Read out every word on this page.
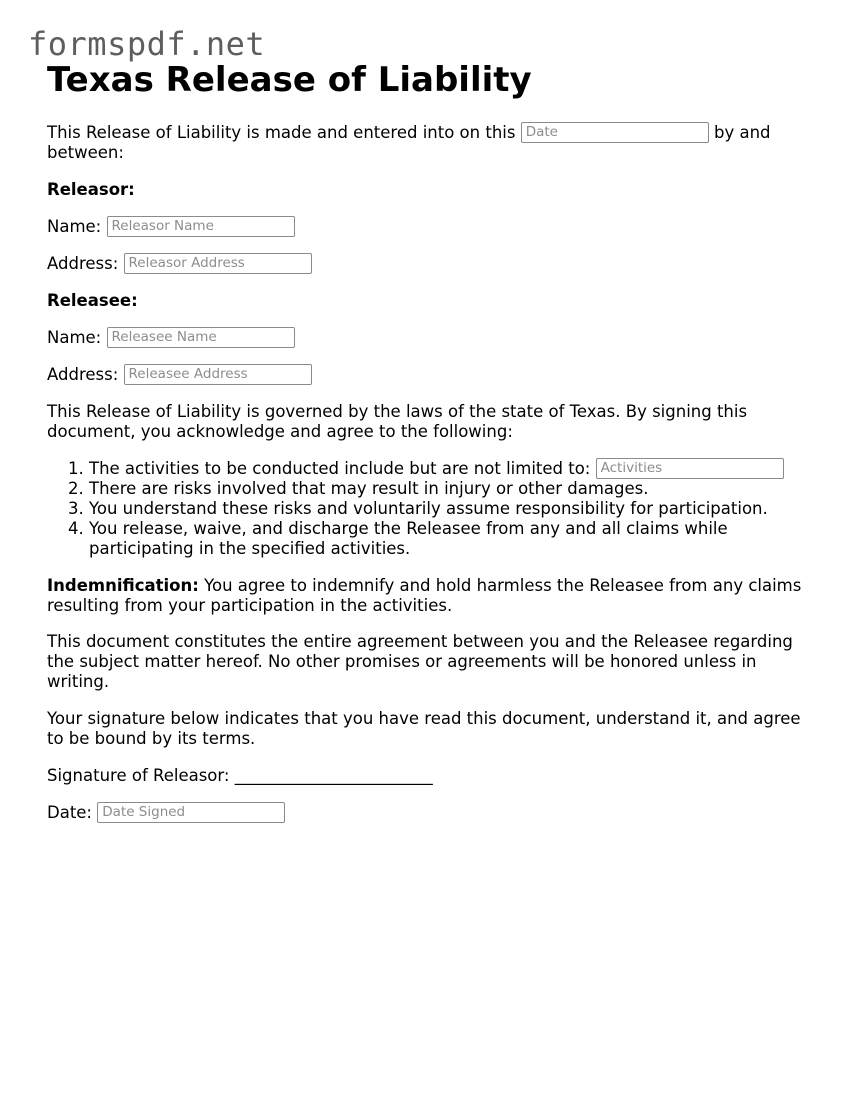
formspdf.net
Texas Release of Liability

This Release of Liability is made and entered into on this Date	by and between:

Releasor:

Name: Releasor Name

Address: Releasor Address

Releasee:

Name: Releasee Name

Address: Releasee Address

This Release of Liability is governed by the laws of the state of Texas. By signing this document, you acknowledge and agree to the following:

1. The activities to be conducted include but are not limited to: Activities
2. There are risks involved that may result in injury or other damages.
3. You understand these risks and voluntarily assume responsibility for participation.
4. You release, waive, and discharge the Releasee from any and all claims while participating in the specified activities.

Indemnification: You agree to indemnify and hold harmless the Releasee from any claims resulting from your participation in the activities.

This document constitutes the entire agreement between you and the Releasee regarding the subject matter hereof. No other promises or agreements will be honored unless in writing.

Your signature below indicates that you have read this document, understand it, and agree to be bound by its terms.

Signature of Releasor: ________________________

Date: Date Signed
